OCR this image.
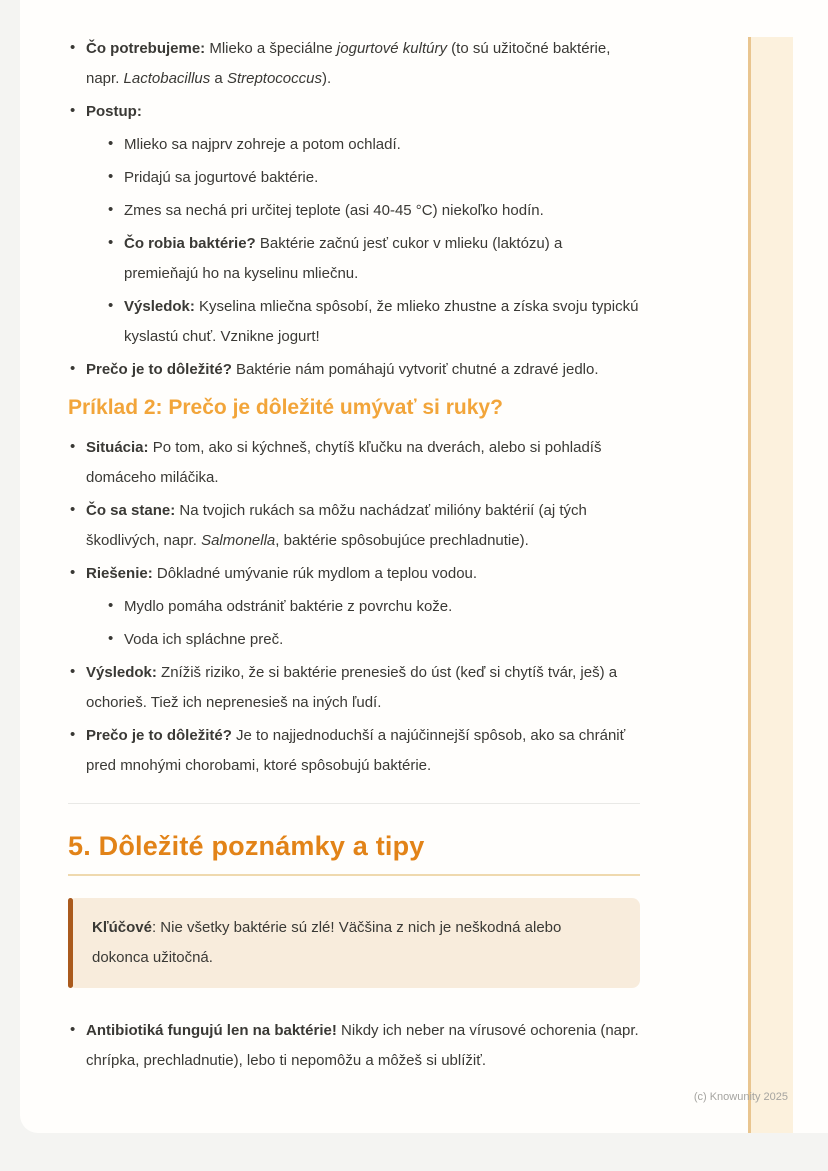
• Čo potrebujeme: Mlieko a špeciálne jogurtové kultúry (to sú užitočné baktérie, napr. Lactobacillus a Streptococcus).
• Postup:
• Mlieko sa najprv zohreje a potom ochladí.
• Pridajú sa jogurtové baktérie.
• Zmes sa nechá pri určitej teplote (asi 40-45 °C) niekoľko hodín.
• Čo robia baktérie? Baktérie začnú jesť cukor v mlieku (laktózu) a premieňajú ho na kyselinu mliečnu.
• Výsledok: Kyselina mliečna spôsobí, že mlieko zhustne a získa svoju typickú kyslastú chuť. Vznikne jogurt!
• Prečo je to dôležité? Baktérie nám pomáhajú vytvoriť chutné a zdravé jedlo.
Príklad 2: Prečo je dôležité umývať si ruky?
• Situácia: Po tom, ako si kýchneš, chytíš kľučku na dverách, alebo si pohladíš domáceho miláčika.
• Čo sa stane: Na tvojich rukách sa môžu nachádzať milióny baktérií (aj tých škodlivých, napr. Salmonella, baktérie spôsobujúce prechladnutie).
• Riešenie: Dôkladné umývanie rúk mydlom a teplou vodou.
• Mydlo pomáha odstrániť baktérie z povrchu kože.
• Voda ich spláchne preč.
• Výsledok: Znížiš riziko, že si baktérie prenesieš do úst (keď si chytíš tvár, ješ) a ochorieš. Tiež ich neprenesieš na iných ľudí.
• Prečo je to dôležité? Je to najjednoduchší a najúčinnejší spôsob, ako sa chrániť pred mnohými chorobami, ktoré spôsobujú baktérie.
5. Dôležité poznámky a tipy
Kľúčové: Nie všetky baktérie sú zlé! Väčšina z nich je neškodná alebo dokonca užitočná.
• Antibiotiká fungujú len na baktérie! Nikdy ich neber na vírusové ochorenia (napr. chrípka, prechladnutie), lebo ti nepomôžu a môžeš si ublížiť.
(c) Knowunity 2025
